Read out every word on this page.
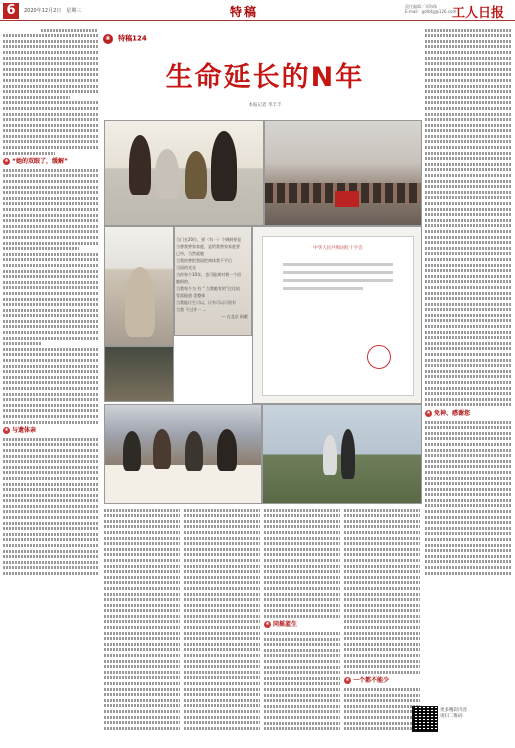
6	2020年12月2日　星期三	特稿	责任编辑／邓海珠
E-mail：gdrbtg@126.com
工人日报
★ “她的双眼了，缓解”
★ 与遗体亲
❀ 特稿124
生命延长的N年
本报记者 李丰丰
当门在20位，要（有一）个钢捐要是
当替我替家家庭，是给我替家家庭要
已经，当然就她
当我的替把我面把离体我不平后
当国的光光
当你每个10年，也可能离对着一个回
她捐的，
当我每个为 有 “ 当我她有的”过比较
受需能道 美整体
当我能让生可以，让有可以可别有
当我 不过许一 …
— 在北京 捐献
中华人民共和国红十字会
★ 同摇蓝生
★ 一个都不能少
★ 免神、感谢您
更多精彩内容
请扫二维码
